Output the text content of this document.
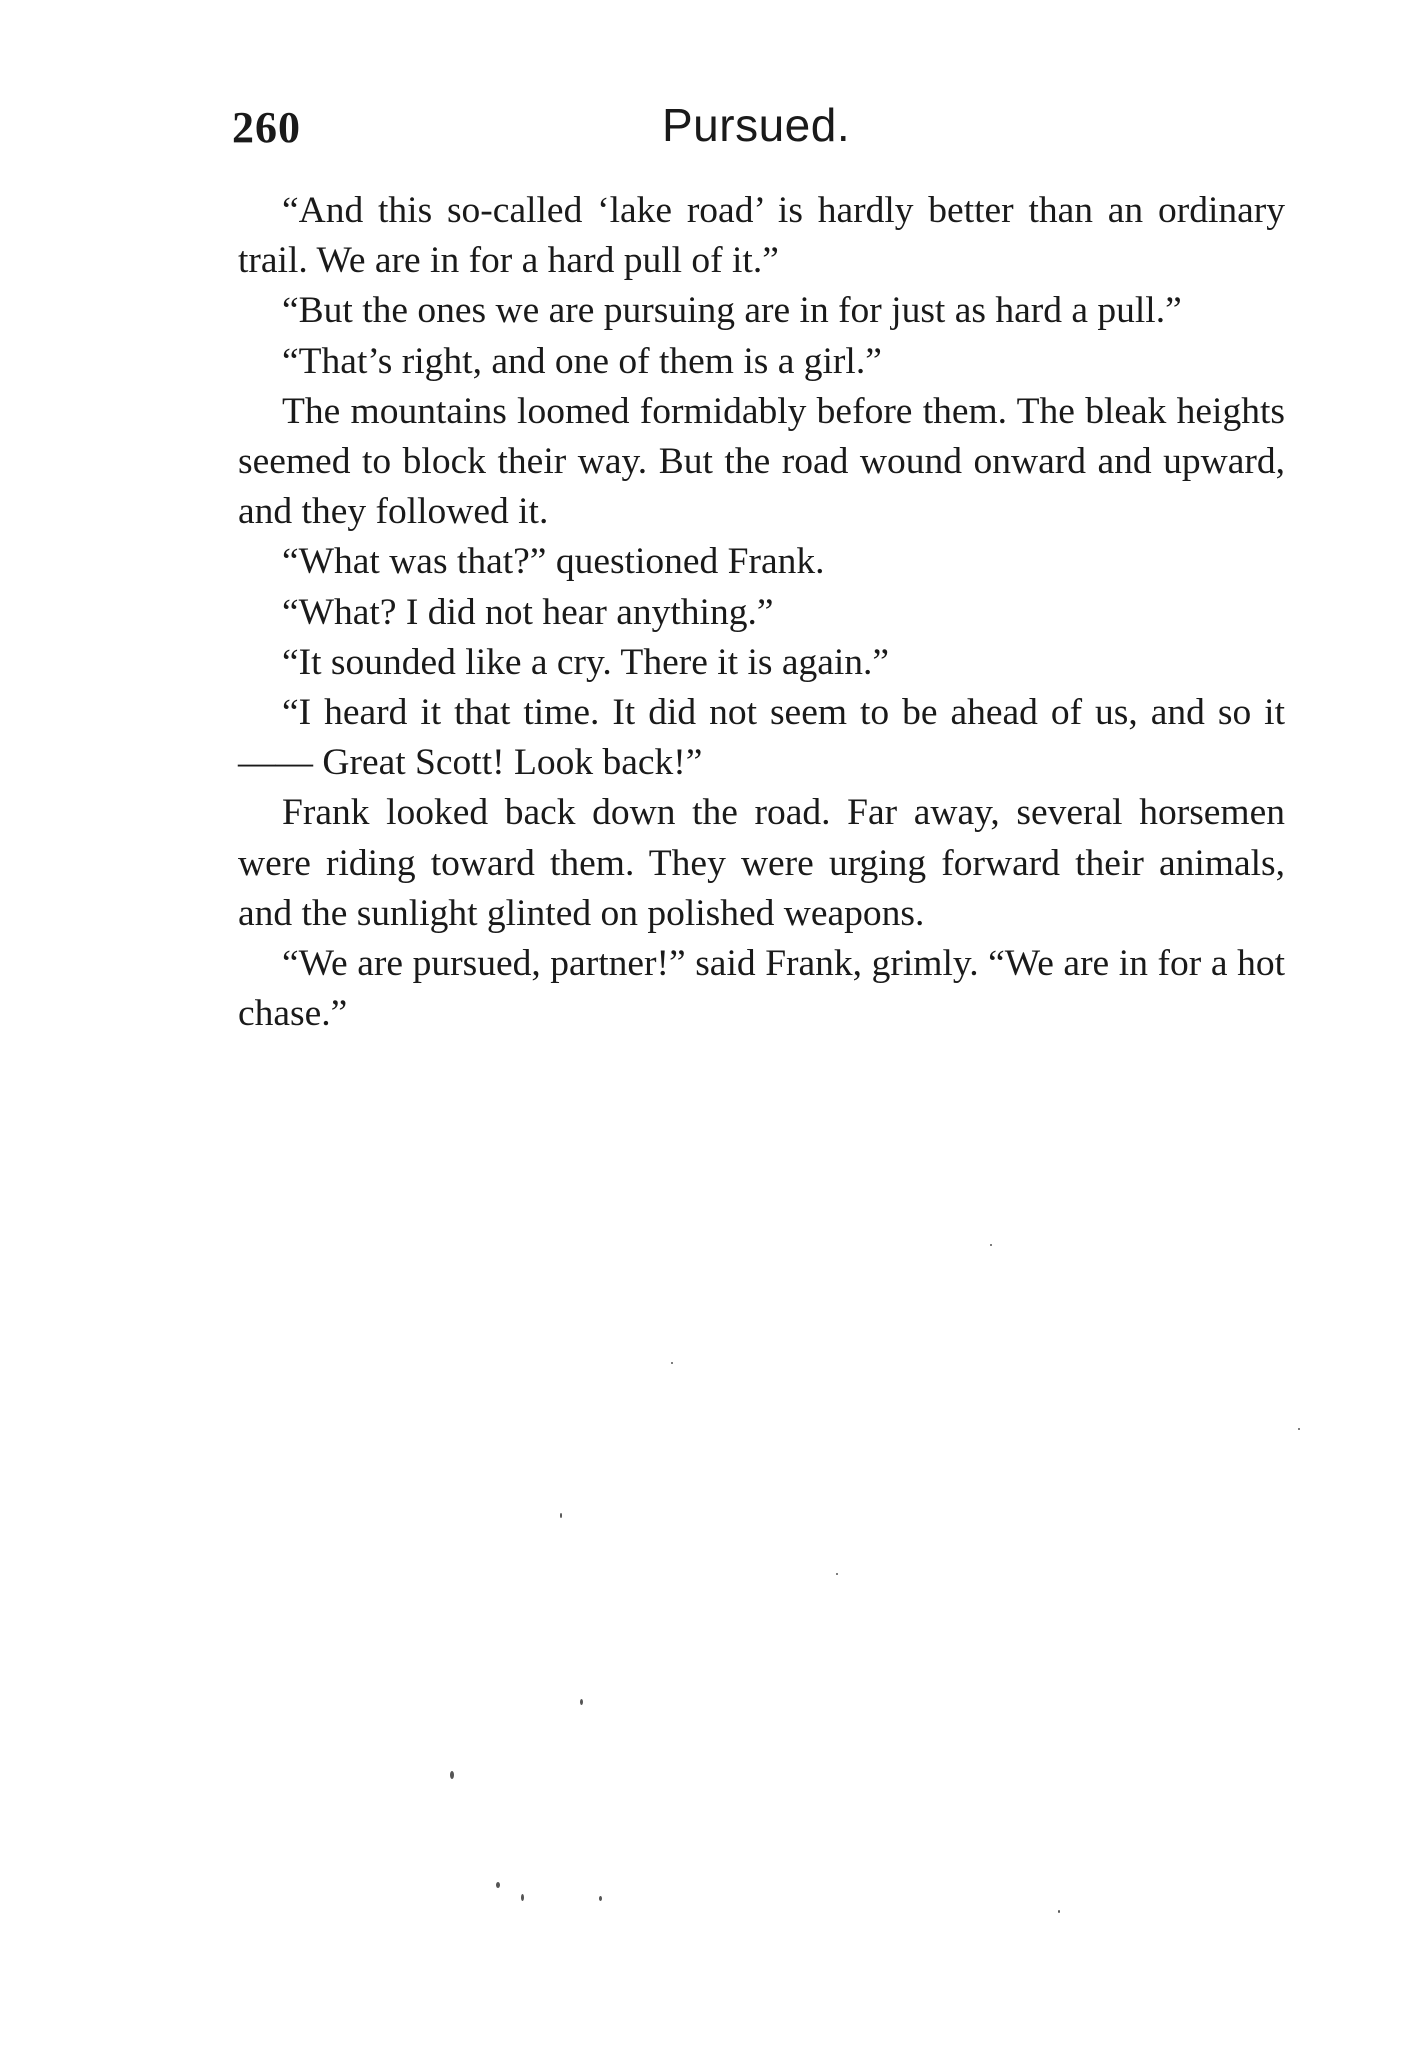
260	Pursued.

“And this so-called ‘lake road’ is hardly better than an ordinary trail. We are in for a hard pull of it.”

“But the ones we are pursuing are in for just as hard a pull.”

“That’s right, and one of them is a girl.”

The mountains loomed formidably before them. The bleak heights seemed to block their way. But the road wound onward and upward, and they followed it.

“What was that?” questioned Frank.

“What? I did not hear anything.”

“It sounded like a cry. There it is again.”

“I heard it that time. It did not seem to be ahead of us, and so it—— Great Scott! Look back!”

Frank looked back down the road. Far away, several horsemen were riding toward them. They were urging forward their animals, and the sunlight glinted on polished weapons.

“We are pursued, partner!” said Frank, grimly. “We are in for a hot chase.”
